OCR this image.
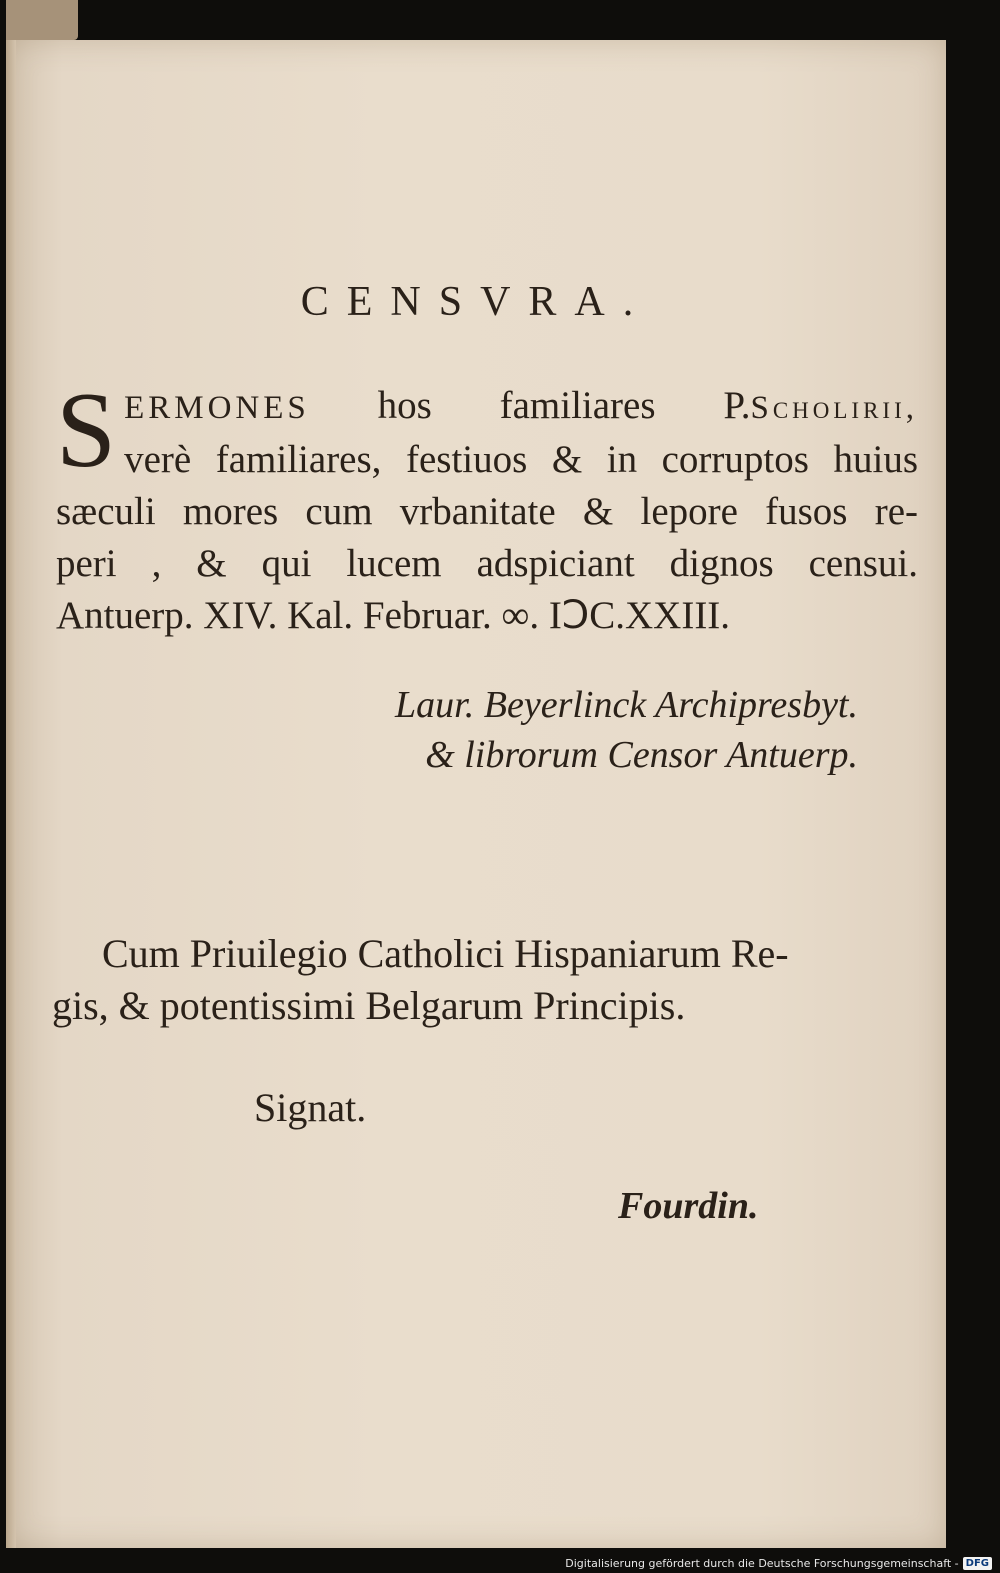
CENSVRA.
S ERMONES hos familiares P.Scholirii,
verè familiares, festiuos & in corruptos huius
sæculi mores cum vrbanitate & lepore fusos re-
peri , & qui lucem adspiciant dignos censui.
Antuerp. XIV. Kal. Februar. ∞. IↃC.XXIII.
Laur. Beyerlinck Archipresbyt.
& librorum Censor Antuerp.
Cum Priuilegio Catholici Hispaniarum Re-
gis, & potentissimi Belgarum Principis.
Signat.
Fourdin.
Digitalisierung gefördert durch die Deutsche Forschungsgemeinschaft - DFG
